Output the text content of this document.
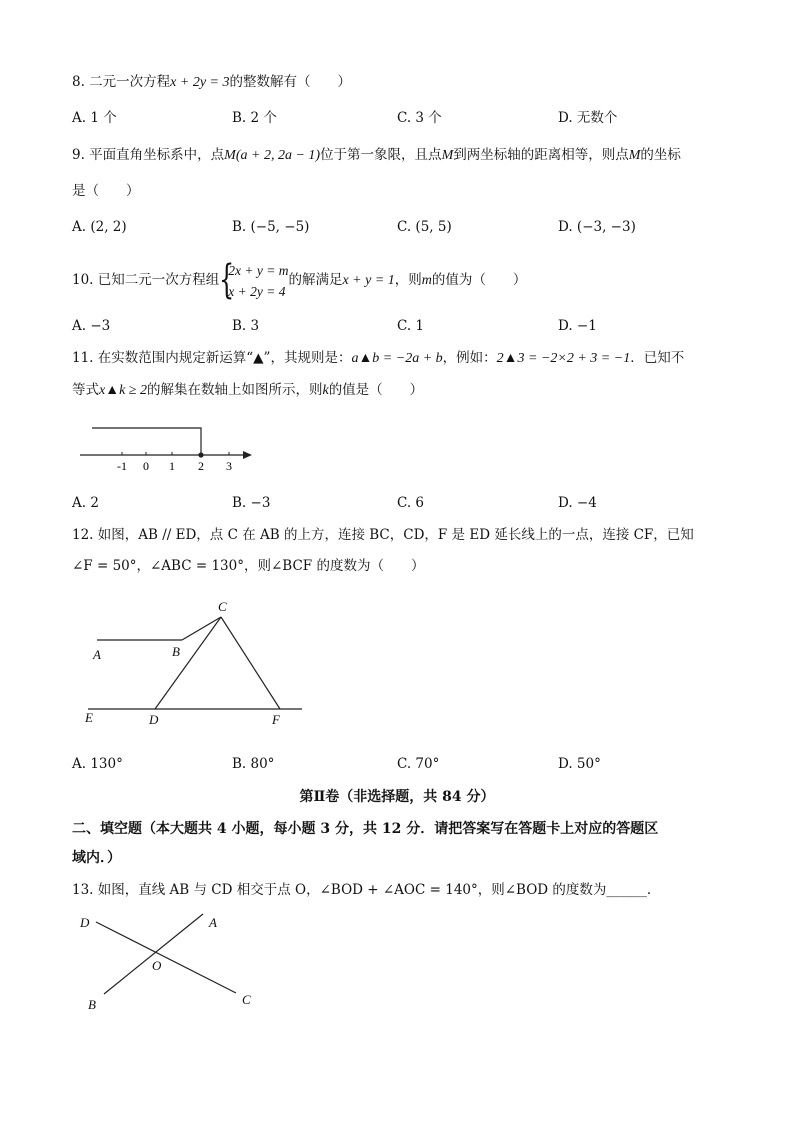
8. 二元一次方程x + 2y = 3的整数解有（　　）
A. 1 个	B. 2 个	C. 3 个	D. 无数个
9. 平面直角坐标系中，点M(a + 2, 2a − 1)位于第一象限，且点M到两坐标轴的距离相等，则点M的坐标
是（　　）
A. (2, 2)	B. (−5, −5)	C. (5, 5)	D. (−3, −3)
10. 已知二元一次方程组 {
2x + y = m
x + 2y = 4
的解满足x + y = 1，则m的值为（　　）
A. −3	B. 3	C. 1	D. −1
11. 在实数范围内规定新运算“▲”，其规则是：a▲b = −2a + b，例如：2▲3 = −2×2 + 3 = −1．已知不
等式x▲k ≥ 2的解集在数轴上如图所示，则k的值是（　　）
-1 0 1 2 3
A	B
C
D
E	F
D	A
O
B	C
A. 2	B. −3	C. 6	D. −4
12. 如图，AB // ED，点 C 在 AB 的上方，连接 BC，CD，F 是 ED 延长线上的一点，连接 CF，已知
∠F = 50°，∠ABC = 130°，则∠BCF 的度数为（　　）
A. 130°	B. 80°	C. 70°	D. 50°
第Ⅱ卷（非选择题，共 84 分）
二、填空题（本大题共 4 小题，每小题 3 分，共 12 分．请把答案写在答题卡上对应的答题区
域内．）
13. 如图，直线 AB 与 CD 相交于点 O，∠BOD + ∠AOC = 140°，则∠BOD 的度数为______．
